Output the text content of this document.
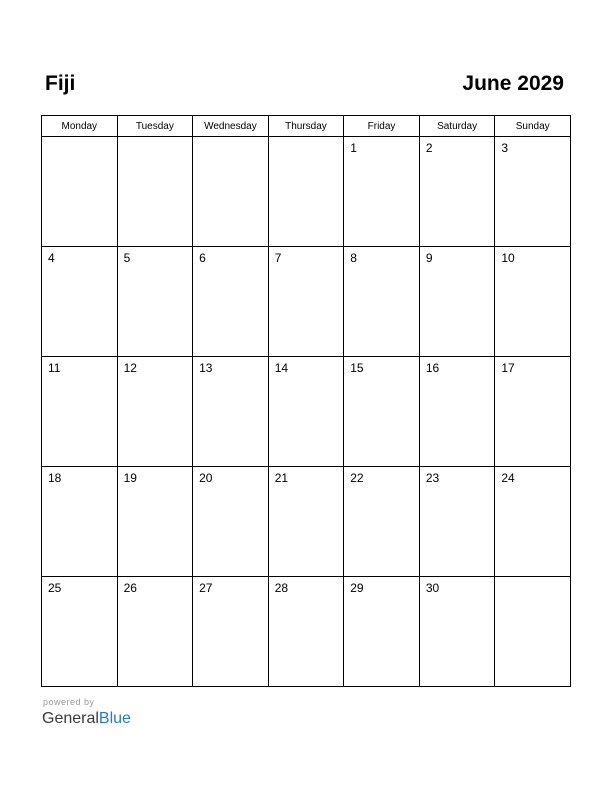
Fiji	June 2029
Monday	Tuesday	Wednesday	Thursday	Friday	Saturday	Sunday

				1	2	3

4	5	6	7	8	9	10

11	12	13	14	15	16	17

18	19	20	21	22	23	24

25	26	27	28	29	30	

powered by
GeneralBlue
